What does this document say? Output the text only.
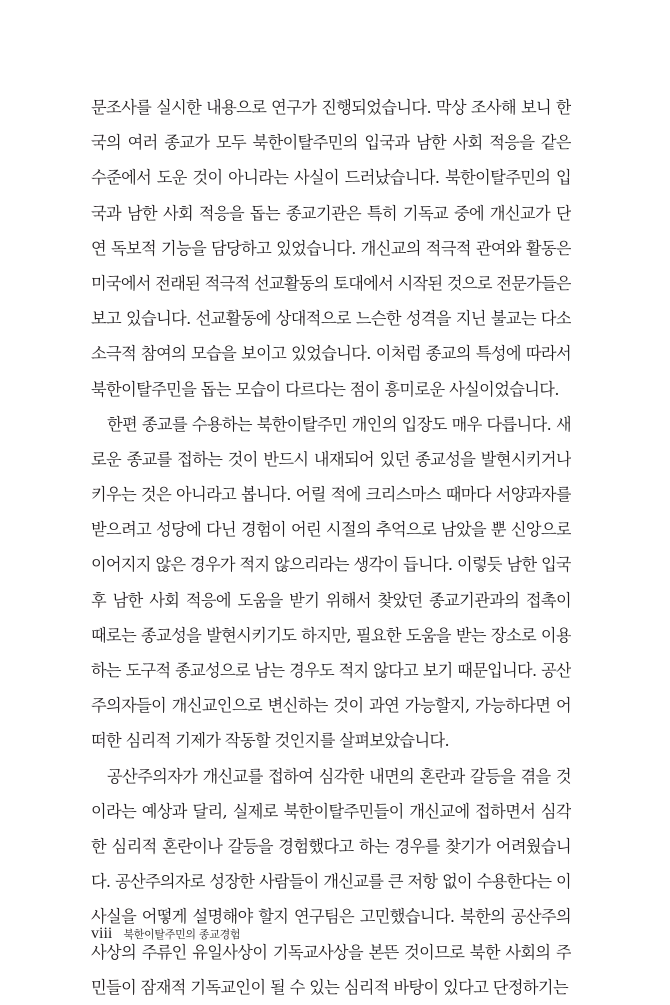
문조사를 실시한 내용으로 연구가 진행되었습니다. 막상 조사해 보니 한
국의 여러 종교가 모두 북한이탈주민의 입국과 남한 사회 적응을 같은
수준에서 도운 것이 아니라는 사실이 드러났습니다. 북한이탈주민의 입
국과 남한 사회 적응을 돕는 종교기관은 특히 기독교 중에 개신교가 단
연 독보적 기능을 담당하고 있었습니다. 개신교의 적극적 관여와 활동은
미국에서 전래된 적극적 선교활동의 토대에서 시작된 것으로 전문가들은
보고 있습니다. 선교활동에 상대적으로 느슨한 성격을 지닌 불교는 다소
소극적 참여의 모습을 보이고 있었습니다. 이처럼 종교의 특성에 따라서
북한이탈주민을 돕는 모습이 다르다는 점이 흥미로운 사실이었습니다.
한편 종교를 수용하는 북한이탈주민 개인의 입장도 매우 다릅니다. 새
로운 종교를 접하는 것이 반드시 내재되어 있던 종교성을 발현시키거나
키우는 것은 아니라고 봅니다. 어릴 적에 크리스마스 때마다 서양과자를
받으려고 성당에 다닌 경험이 어린 시절의 추억으로 남았을 뿐 신앙으로
이어지지 않은 경우가 적지 않으리라는 생각이 듭니다. 이렇듯 남한 입국
후 남한 사회 적응에 도움을 받기 위해서 찾았던 종교기관과의 접촉이
때로는 종교성을 발현시키기도 하지만, 필요한 도움을 받는 장소로 이용
하는 도구적 종교성으로 남는 경우도 적지 않다고 보기 때문입니다. 공산
주의자들이 개신교인으로 변신하는 것이 과연 가능할지, 가능하다면 어
떠한 심리적 기제가 작동할 것인지를 살펴보았습니다.
공산주의자가 개신교를 접하여 심각한 내면의 혼란과 갈등을 겪을 것
이라는 예상과 달리, 실제로 북한이탈주민들이 개신교에 접하면서 심각
한 심리적 혼란이나 갈등을 경험했다고 하는 경우를 찾기가 어려웠습니
다. 공산주의자로 성장한 사람들이 개신교를 큰 저항 없이 수용한다는 이
사실을 어떻게 설명해야 할지 연구팀은 고민했습니다. 북한의 공산주의
사상의 주류인 유일사상이 기독교사상을 본뜬 것이므로 북한 사회의 주
민들이 잠재적 기독교인이 될 수 있는 심리적 바탕이 있다고 단정하기는
viii 북한이탈주민의 종교경험
